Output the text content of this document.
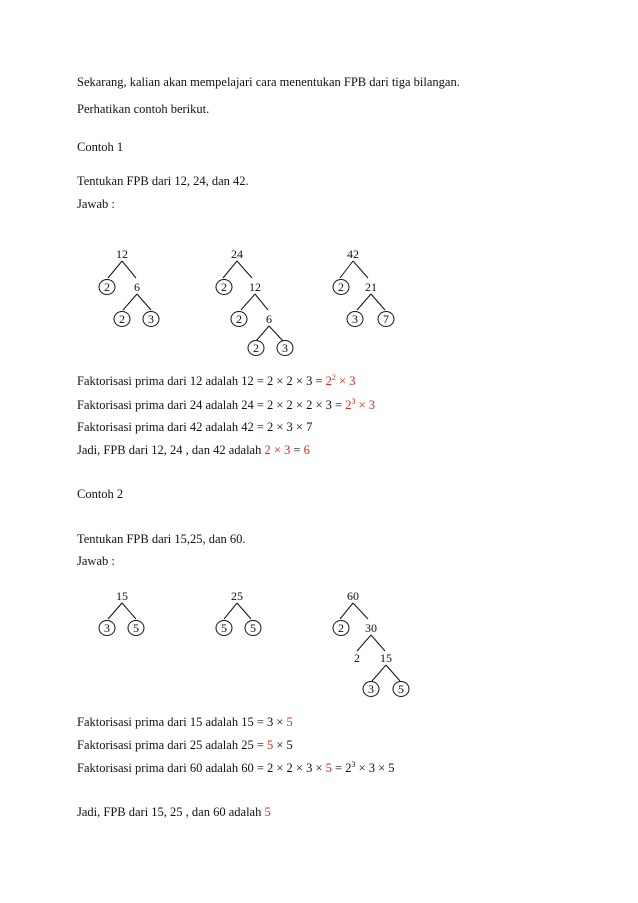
Sekarang, kalian akan mempelajari cara menentukan FPB dari tiga bilangan.
Perhatikan contoh berikut.
Contoh 1
Tentukan FPB dari 12, 24, dan 42.
Jawab :
12
2 6
2 3
24
2 12
2 6
2 3
42
2 21
3 7
15
3 5
25
5 5
60
2 30
2 15
3 5
Faktorisasi prima dari 12 adalah $12 = 2 \times 2 \times 3 = 2^2 \times 3$
Faktorisasi prima dari 24 adalah $24 = 2 \times 2 \times 2 \times 3 = 2^3 \times 3$
Faktorisasi prima dari 42 adalah 42 = 2 × 3 × 7
Jadi, FPB dari 12, 24 , dan 42 adalah 2 × 3 = 6
Contoh 2
Tentukan FPB dari 15,25, dan 60.
Jawab :
Faktorisasi prima dari 15 adalah 15 = 3 × 5
Faktorisasi prima dari 25 adalah 25 = 5 × 5
Faktorisasi prima dari 60 adalah $60 = 2 \times 2 \times 3 \times 5 = 2^3 \times 3 \times 5$
Jadi, FPB dari 15, 25 , dan 60 adalah 5
